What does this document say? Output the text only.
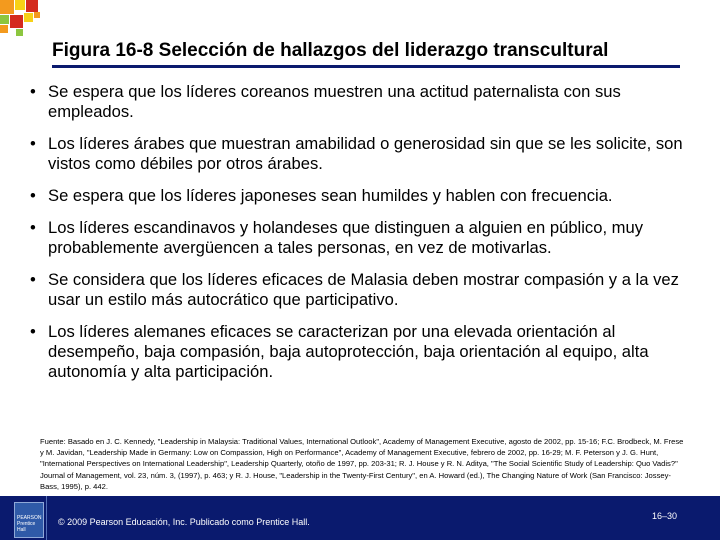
Figura 16-8 Selección de hallazgos del liderazgo transcultural
• Se espera que los líderes coreanos muestren una actitud paternalista con sus empleados.
• Los líderes árabes que muestran amabilidad o generosidad sin que se les solicite, son vistos como débiles por otros árabes.
• Se espera que los líderes japoneses sean humildes y hablen con frecuencia.
• Los líderes escandinavos y holandeses que distinguen a alguien en público, muy probablemente avergüencen a tales personas, en vez de motivarlas.
• Se considera que los líderes eficaces de Malasia deben mostrar compasión y a la vez usar un estilo más autocrático que participativo.
• Los líderes alemanes eficaces se caracterizan por una elevada orientación al desempeño, baja compasión, baja autoprotección, baja orientación al equipo, alta autonomía y alta participación.
Fuente: Basado en J. C. Kennedy, "Leadership in Malaysia: Traditional Values, International Outlook", Academy of Management Executive, agosto de 2002, pp. 15-16; F.C. Brodbeck, M. Frese y M. Javidan, "Leadership Made in Germany: Low on Compassion, High on Performance", Academy of Management Executive, febrero de 2002, pp. 16-29; M. F. Peterson y J. G. Hunt, "International Perspectives on International Leadership", Leadership Quarterly, otoño de 1997, pp. 203-31; R. J. House y R. N. Aditya, "The Social Scientific Study of Leadership: Quo Vadis?" Journal of Management, vol. 23, núm. 3, (1997), p. 463; y R. J. House, "Leadership in the Twenty-First Century", en A. Howard (ed.), The Changing Nature of Work (San Francisco: Jossey-Bass, 1995), p. 442.
PEARSON Prentice Hall
© 2009 Pearson Educación, Inc. Publicado como Prentice Hall.
16–30
